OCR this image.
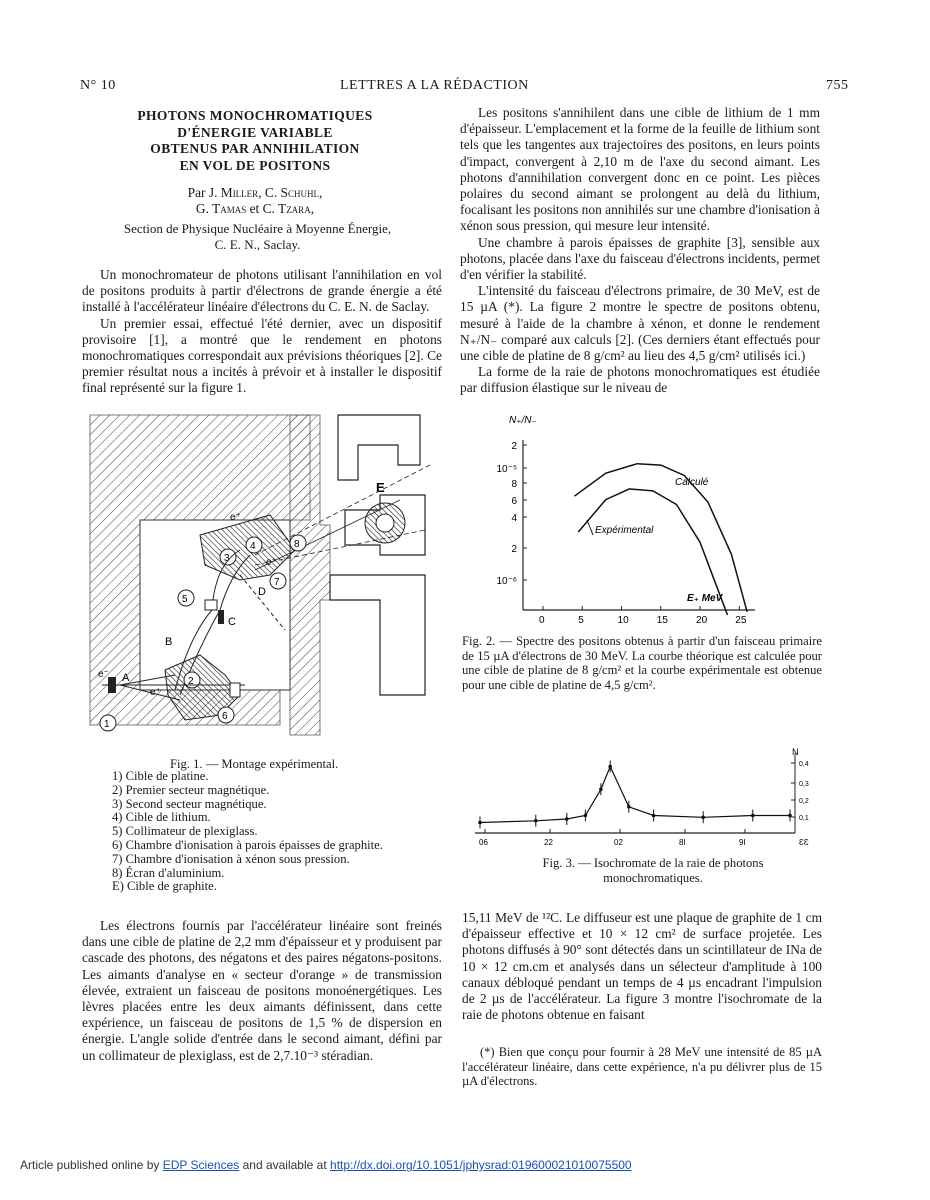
N° 10	LETTRES A LA RÉDACTION	755
PHOTONS MONOCHROMATIQUES
D'ÉNERGIE VARIABLE
OBTENUS PAR ANNIHILATION
EN VOL DE POSITONS
Par J. Miller, C. Schuhl,
G. Tamas et C. Tzara,
Section de Physique Nucléaire à Moyenne Énergie,
C. E. N., Saclay.

Un monochromateur de photons utilisant l'annihilation en vol de positons produits à partir d'électrons de grande énergie a été installé à l'accélérateur linéaire d'électrons du C. E. N. de Saclay.

Un premier essai, effectué l'été dernier, avec un dispositif provisoire [1], a montré que le rendement en photons monochromatiques correspondait aux prévisions théoriques [2]. Ce premier résultat nous a incités à prévoir et à installer le dispositif final représenté sur la figure 1.

E
3
4	8
7
e⁺
e⁺
D
C
5
B
2
e⁻ A
e⁺
1
6
Fig. 1. — Montage expérimental.
1) Cible de platine.
2) Premier secteur magnétique.
3) Second secteur magnétique.
4) Cible de lithium.
5) Collimateur de plexiglass.
6) Chambre d'ionisation à parois épaisses de graphite.
7) Chambre d'ionisation à xénon sous pression.
8) Écran d'aluminium.
E) Cible de graphite.

Les positons s'annihilent dans une cible de lithium de 1 mm d'épaisseur. L'emplacement et la forme de la feuille de lithium sont tels que les tangentes aux trajectoires des positons, en leurs points d'impact, convergent à 2,10 m de l'axe du second aimant. Les photons d'annihilation convergent donc en ce point. Les pièces polaires du second aimant se prolongent au delà du lithium, focalisant les positons non annihilés sur une chambre d'ionisation à xénon sous pression, qui mesure leur intensité.

Une chambre à parois épaisses de graphite [3], sensible aux photons, placée dans l'axe du faisceau d'électrons incidents, permet d'en vérifier la stabilité.

L'intensité du faisceau d'électrons primaire, de 30 MeV, est de 15 µA (*). La figure 2 montre le spectre de positons obtenu, mesuré à l'aide de la chambre à xénon, et donne le rendement N₊/N₋ comparé aux calculs [2]. (Ces derniers étant effectués pour une cible de platine de 8 g/cm² au lieu des 4,5 g/cm² utilisés ici.)

La forme de la raie de photons monochromatiques est étudiée par diffusion élastique sur le niveau de

N₊/N₋
E₊ MeV
0	5	10	15	20	25
2
10⁻⁵
8
6
4
2
10⁻⁶
Calculé
Expérimental
Fig. 2. — Spectre des positons obtenus à partir d'un faisceau primaire de 15 µA d'électrons de 30 MeV. La courbe théorique est calculée pour une cible de platine de 8 g/cm² et la courbe expérimentale est obtenue pour une cible de platine de 4,5 g/cm².
N
06	22	02	8I	9I	ƐƐ
0,4
0,3
0,2
0,1
Fig. 3. — Isochromate de la raie de photons monochromatiques.

Les électrons fournis par l'accélérateur linéaire sont freinés dans une cible de platine de 2,2 mm d'épaisseur et y produisent par cascade des photons, des négatons et des paires négatons-positons. Les aimants d'analyse en « secteur d'orange » de transmission élevée, extraient un faisceau de positons monoénergétiques. Les lèvres placées entre les deux aimants définissent, dans cette expérience, un faisceau de positons de 1,5 % de dispersion en énergie. L'angle solide d'entrée dans le second aimant, défini par un collimateur de plexiglass, est de 2,7.10⁻³ stéradian.

15,11 MeV de ¹²C. Le diffuseur est une plaque de graphite de 1 cm d'épaisseur effective et 10 × 12 cm² de surface projetée. Les photons diffusés à 90° sont détectés dans un scintillateur de INa de 10 × 12 cm.cm et analysés dans un sélecteur d'amplitude à 100 canaux débloqué pendant un temps de 4 µs encadrant l'impulsion de 2 µs de l'accélérateur. La figure 3 montre l'isochromate de la raie de photons obtenue en faisant

(*) Bien que conçu pour fournir à 28 MeV une intensité de 85 µA l'accélérateur linéaire, dans cette expérience, n'a pu délivrer plus de 15 µA d'électrons.

Article published online by EDP Sciences and available at http://dx.doi.org/10.1051/jphysrad:019600021010075500
